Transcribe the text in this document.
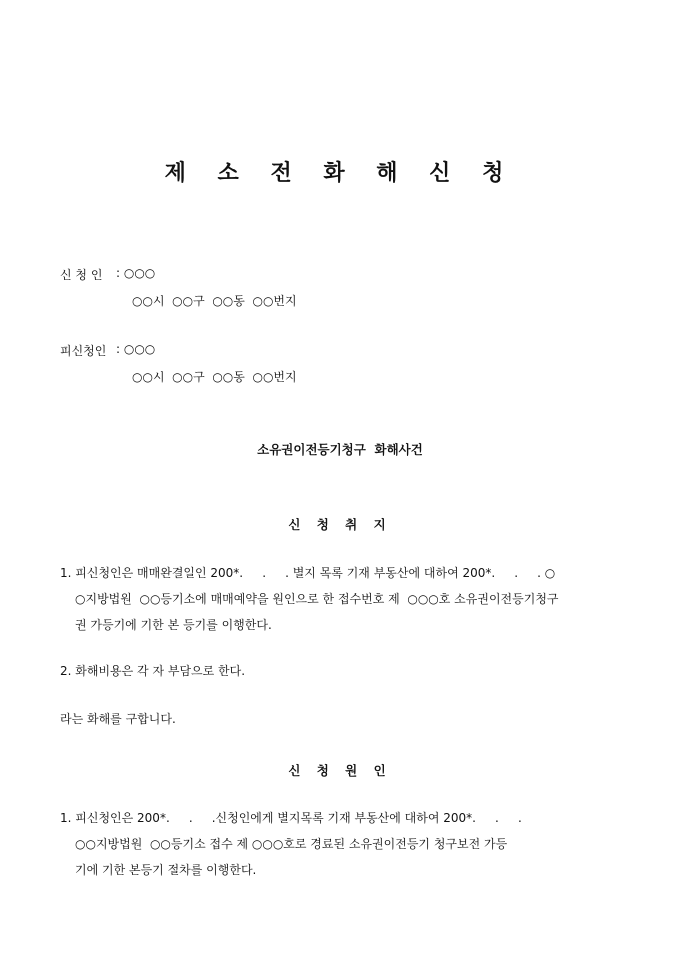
제 소 전 화 해 신 청
신 청 인 : ○○○
○○시  ○○구  ○○동  ○○번지
피신청인 : ○○○
○○시  ○○구  ○○동  ○○번지
소유권이전등기청구  화해사건
신 청 취 지
1. 피신청인은 매매완결일인 200*.     .     . 별지 목록 기재 부동산에 대하여 200*.     .     . ○
○지방법원  ○○등기소에 매매예약을 원인으로 한 접수번호 제  ○○○호 소유권이전등기청구
권 가등기에 기한 본 등기를 이행한다.
2. 화해비용은 각 자 부담으로 한다.
라는 화해를 구합니다.
신 청 원 인
1. 피신청인은 200*.     .     .신청인에게 별지목록 기재 부동산에 대하여 200*.     .     .
○○지방법원  ○○등기소 접수 제 ○○○호로 경료된 소유권이전등기 청구보전 가등
기에 기한 본등기 절차를 이행한다.
